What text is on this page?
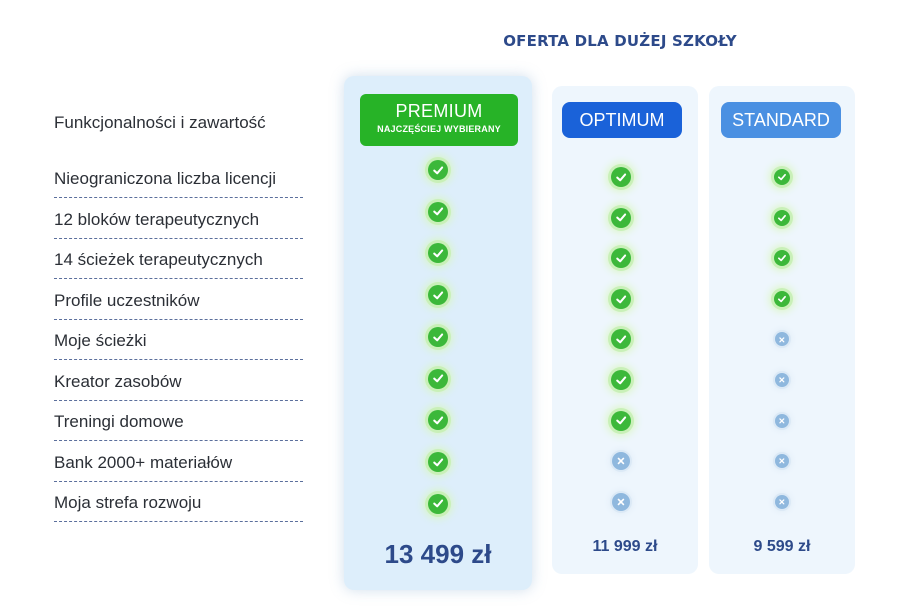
OFERTA DLA DUŻEJ SZKOŁY
Funkcjonalności i zawartość
Nieograniczona liczba licencji
12 bloków terapeutycznych
14 ścieżek terapeutycznych
Profile uczestników
Moje ścieżki
Kreator zasobów
Treningi domowe
Bank 2000+ materiałów
Moja strefa rozwoju
PREMIUM
NAJCZĘŚCIEJ WYBIERANY
13 499 zł
OPTIMUM
11 999 zł
STANDARD
9 599 zł
